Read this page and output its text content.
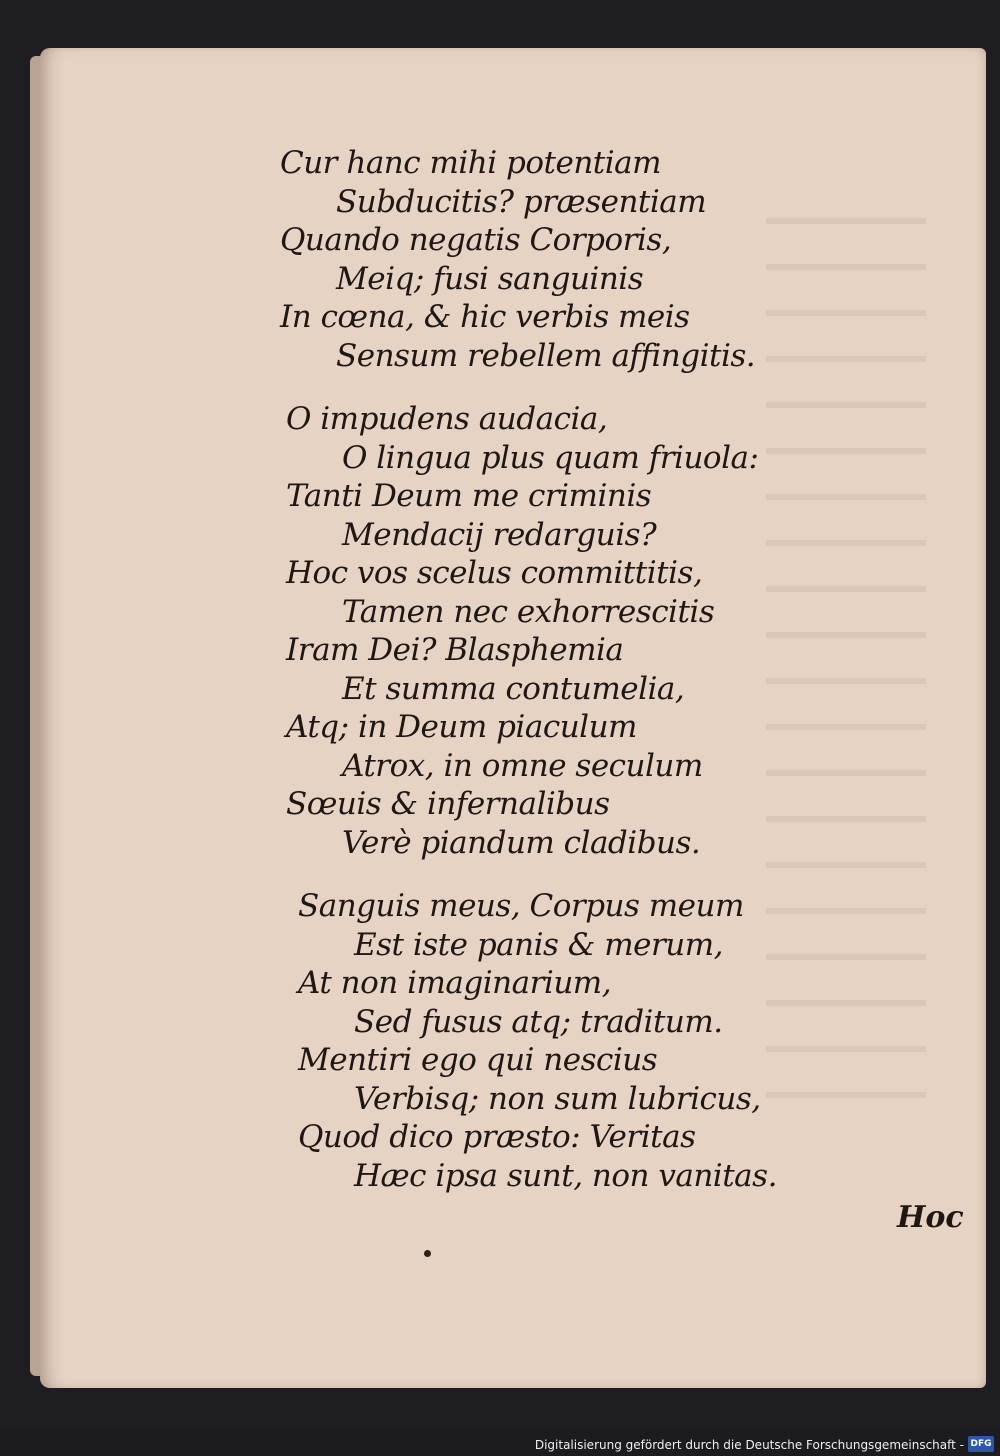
Cur hanc mihi potentiam
Subducitis? præsentiam
Quando negatis Corporis,
Meiq; fusi sanguinis
In cœna, & hic verbis meis
Sensum rebellem affingitis.
O impudens audacia,
O lingua plus quam friuola:
Tanti Deum me criminis
Mendacij redarguis?
Hoc vos scelus committitis,
Tamen nec exhorrescitis
Iram Dei? Blasphemia
Et summa contumelia,
Atq; in Deum piaculum
Atrox, in omne seculum
Sœuis & infernalibus
Verè piandum cladibus.
Sanguis meus, Corpus meum
Est iste panis & merum,
At non imaginarium,
Sed fusus atq; traditum.
Mentiri ego qui nescius
Verbisq; non sum lubricus,
Quod dico præsto: Veritas
Hæc ipsa sunt, non vanitas.
Hoc
Digitalisierung gefördert durch die Deutsche Forschungsgemeinschaft - DFG
